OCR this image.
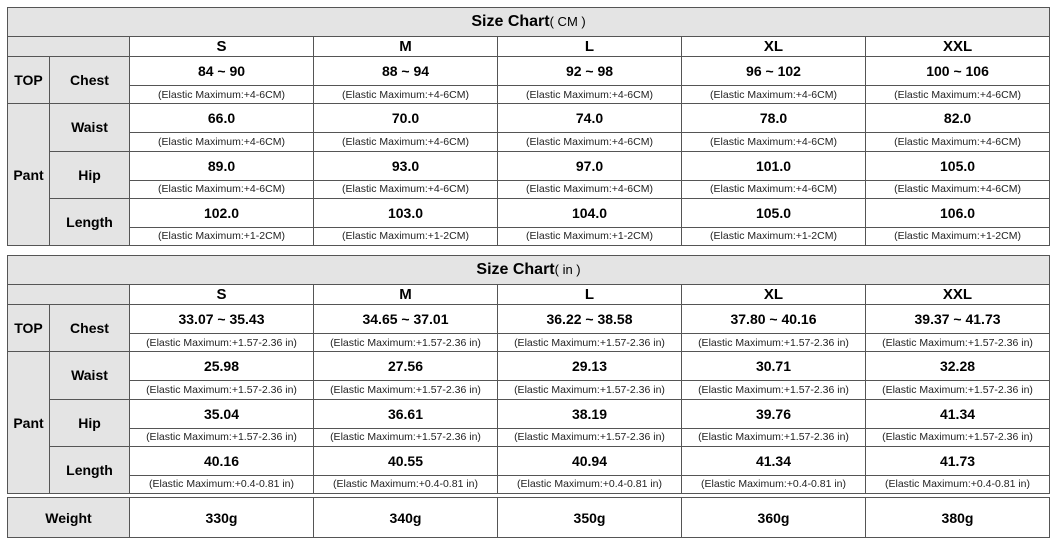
Size Chart( CM )						
		S	M	L	XL	XXL
TOP	Chest	84 ~ 90	88 ~ 94	92 ~ 98	96 ~ 102	100 ~ 106
		(Elastic Maximum:+4-6CM)	(Elastic Maximum:+4-6CM)	(Elastic Maximum:+4-6CM)	(Elastic Maximum:+4-6CM)	(Elastic Maximum:+4-6CM)
Pant	Waist	66.0	70.0	74.0	78.0	82.0
		(Elastic Maximum:+4-6CM)	(Elastic Maximum:+4-6CM)	(Elastic Maximum:+4-6CM)	(Elastic Maximum:+4-6CM)	(Elastic Maximum:+4-6CM)
	Hip	89.0	93.0	97.0	101.0	105.0
		(Elastic Maximum:+4-6CM)	(Elastic Maximum:+4-6CM)	(Elastic Maximum:+4-6CM)	(Elastic Maximum:+4-6CM)	(Elastic Maximum:+4-6CM)
	Length	102.0	103.0	104.0	105.0	106.0
		(Elastic Maximum:+1-2CM)	(Elastic Maximum:+1-2CM)	(Elastic Maximum:+1-2CM)	(Elastic Maximum:+1-2CM)	(Elastic Maximum:+1-2CM)
Size Chart( in )						
		S	M	L	XL	XXL
TOP	Chest	33.07 ~ 35.43	34.65 ~ 37.01	36.22 ~ 38.58	37.80 ~ 40.16	39.37 ~ 41.73
		(Elastic Maximum:+1.57-2.36 in)	(Elastic Maximum:+1.57-2.36 in)	(Elastic Maximum:+1.57-2.36 in)	(Elastic Maximum:+1.57-2.36 in)	(Elastic Maximum:+1.57-2.36 in)
Pant	Waist	25.98	27.56	29.13	30.71	32.28
		(Elastic Maximum:+1.57-2.36 in)	(Elastic Maximum:+1.57-2.36 in)	(Elastic Maximum:+1.57-2.36 in)	(Elastic Maximum:+1.57-2.36 in)	(Elastic Maximum:+1.57-2.36 in)
	Hip	35.04	36.61	38.19	39.76	41.34
		(Elastic Maximum:+1.57-2.36 in)	(Elastic Maximum:+1.57-2.36 in)	(Elastic Maximum:+1.57-2.36 in)	(Elastic Maximum:+1.57-2.36 in)	(Elastic Maximum:+1.57-2.36 in)
	Length	40.16	40.55	40.94	41.34	41.73
		(Elastic Maximum:+0.4-0.81 in)	(Elastic Maximum:+0.4-0.81 in)	(Elastic Maximum:+0.4-0.81 in)	(Elastic Maximum:+0.4-0.81 in)	(Elastic Maximum:+0.4-0.81 in)
Weight	330g	340g	350g	360g	380g
